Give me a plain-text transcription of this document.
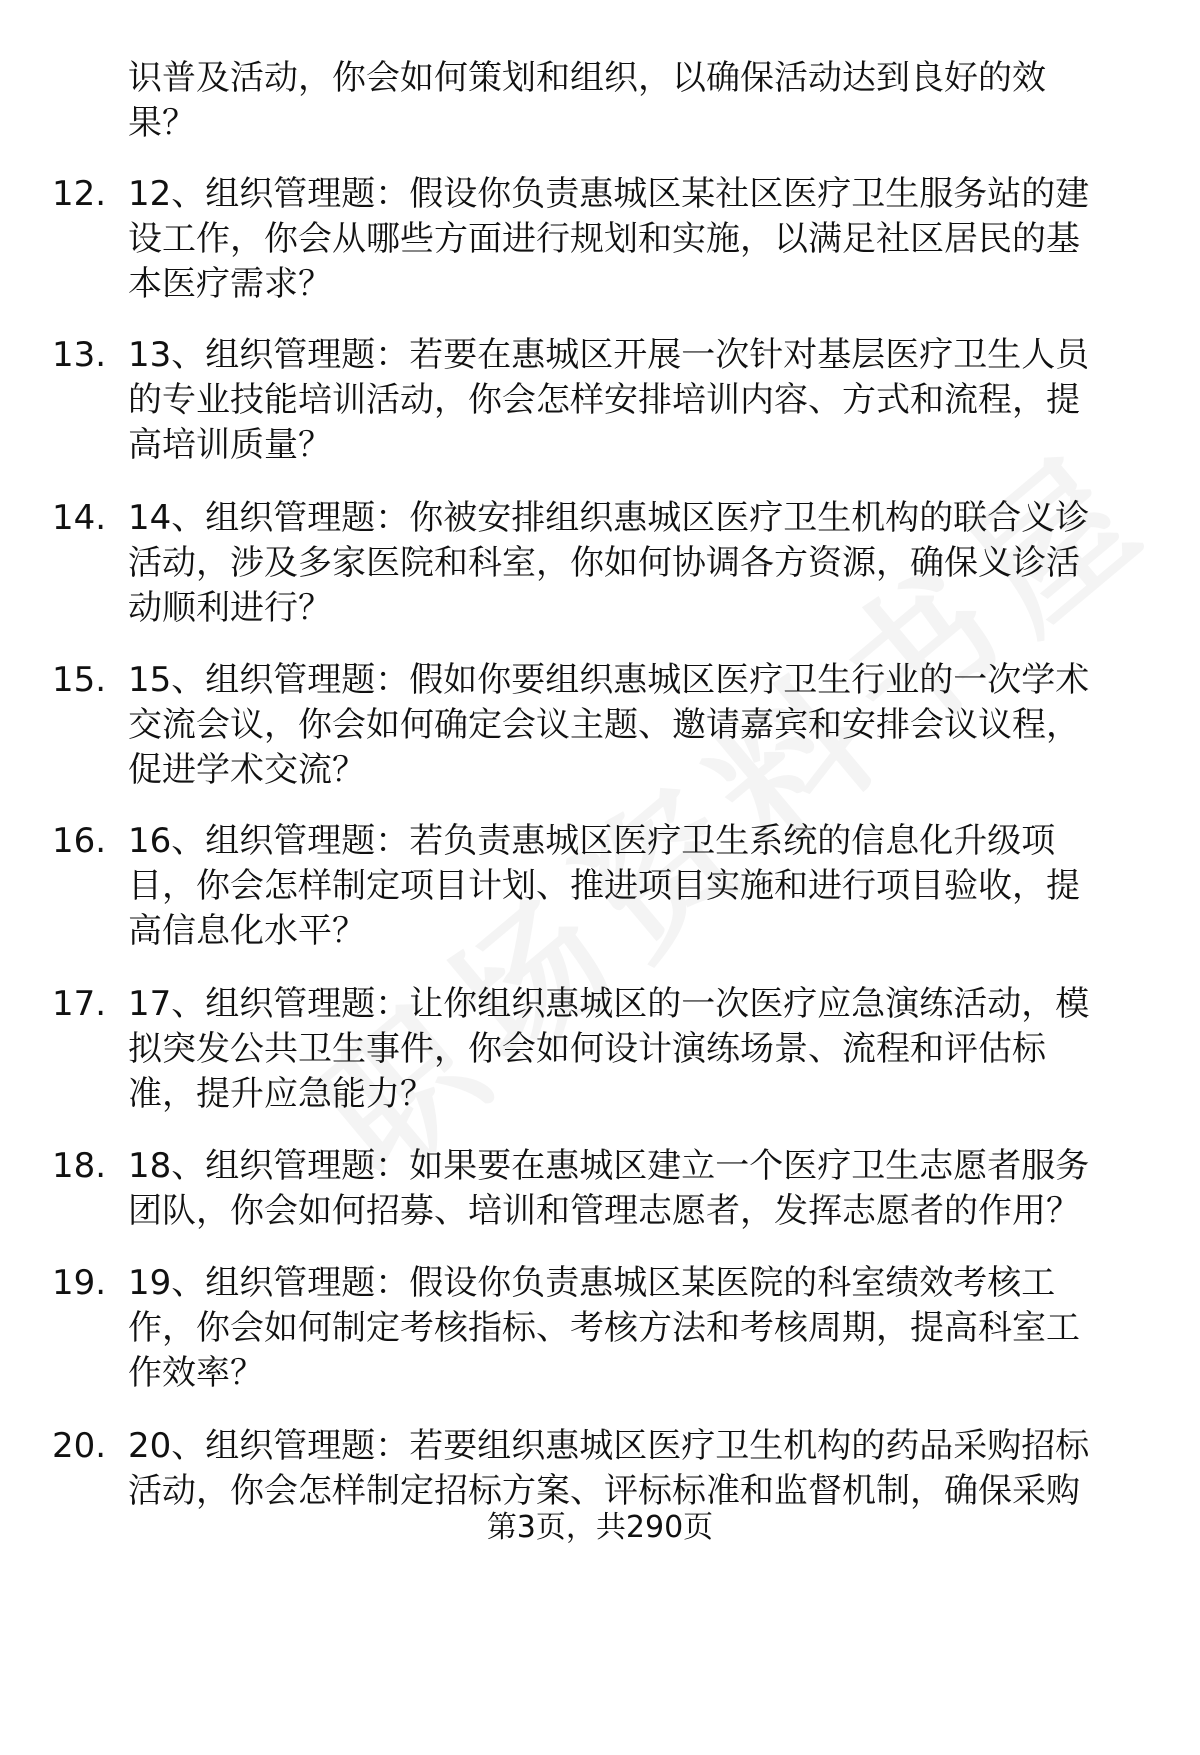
识普及活动，你会如何策划和组织，以确保活动达到良好的效
果？
12. 12、组织管理题：假设你负责惠城区某社区医疗卫生服务站的建
设工作，你会从哪些方面进行规划和实施，以满足社区居民的基
本医疗需求？
13. 13、组织管理题：若要在惠城区开展一次针对基层医疗卫生人员
的专业技能培训活动，你会怎样安排培训内容、方式和流程，提
高培训质量？
14. 14、组织管理题：你被安排组织惠城区医疗卫生机构的联合义诊
活动，涉及多家医院和科室，你如何协调各方资源，确保义诊活
动顺利进行？
15. 15、组织管理题：假如你要组织惠城区医疗卫生行业的一次学术
交流会议，你会如何确定会议主题、邀请嘉宾和安排会议议程，
促进学术交流？
16. 16、组织管理题：若负责惠城区医疗卫生系统的信息化升级项
目，你会怎样制定项目计划、推进项目实施和进行项目验收，提
高信息化水平？
17. 17、组织管理题：让你组织惠城区的一次医疗应急演练活动，模
拟突发公共卫生事件，你会如何设计演练场景、流程和评估标
准，提升应急能力？
18. 18、组织管理题：如果要在惠城区建立一个医疗卫生志愿者服务
团队，你会如何招募、培训和管理志愿者，发挥志愿者的作用？
19. 19、组织管理题：假设你负责惠城区某医院的科室绩效考核工
作，你会如何制定考核指标、考核方法和考核周期，提高科室工
作效率？
20. 20、组织管理题：若要组织惠城区医疗卫生机构的药品采购招标
活动，你会怎样制定招标方案、评标标准和监督机制，确保采购
第3页，共290页
